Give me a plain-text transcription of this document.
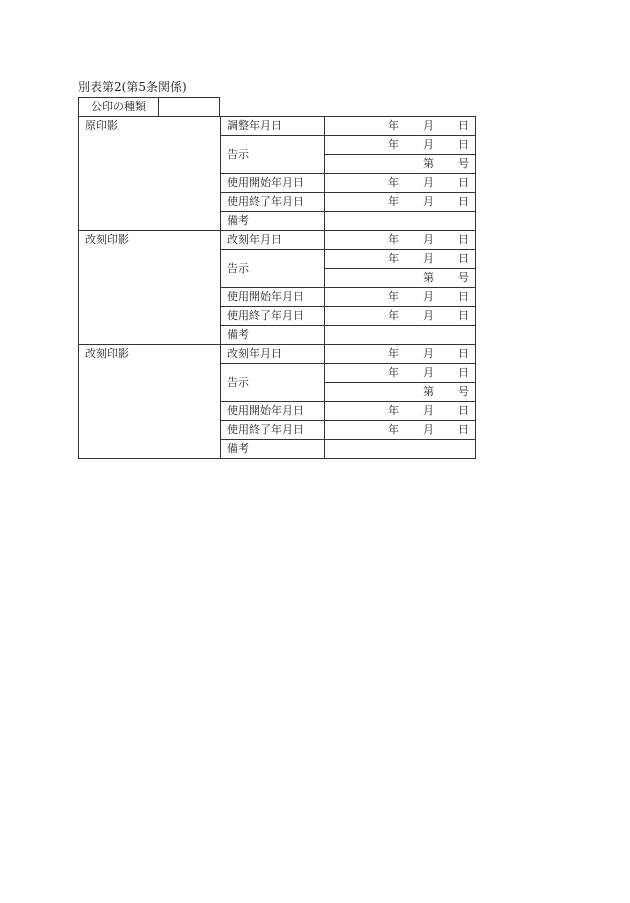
別表第2(第5条関係)
公印の種類
原印影	調整年月日	年 月 日

	告示	年 月 日

		第 号

	使用開始年月日	年 月 日

	使用終了年月日	年 月 日

	備考	
改刻印影	改刻年月日	年 月 日

	告示	年 月 日

		第 号

	使用開始年月日	年 月 日

	使用終了年月日	年 月 日

	備考	
改刻印影	改刻年月日	年 月 日

	告示	年 月 日

		第 号

	使用開始年月日	年 月 日

	使用終了年月日	年 月 日

	備考	
